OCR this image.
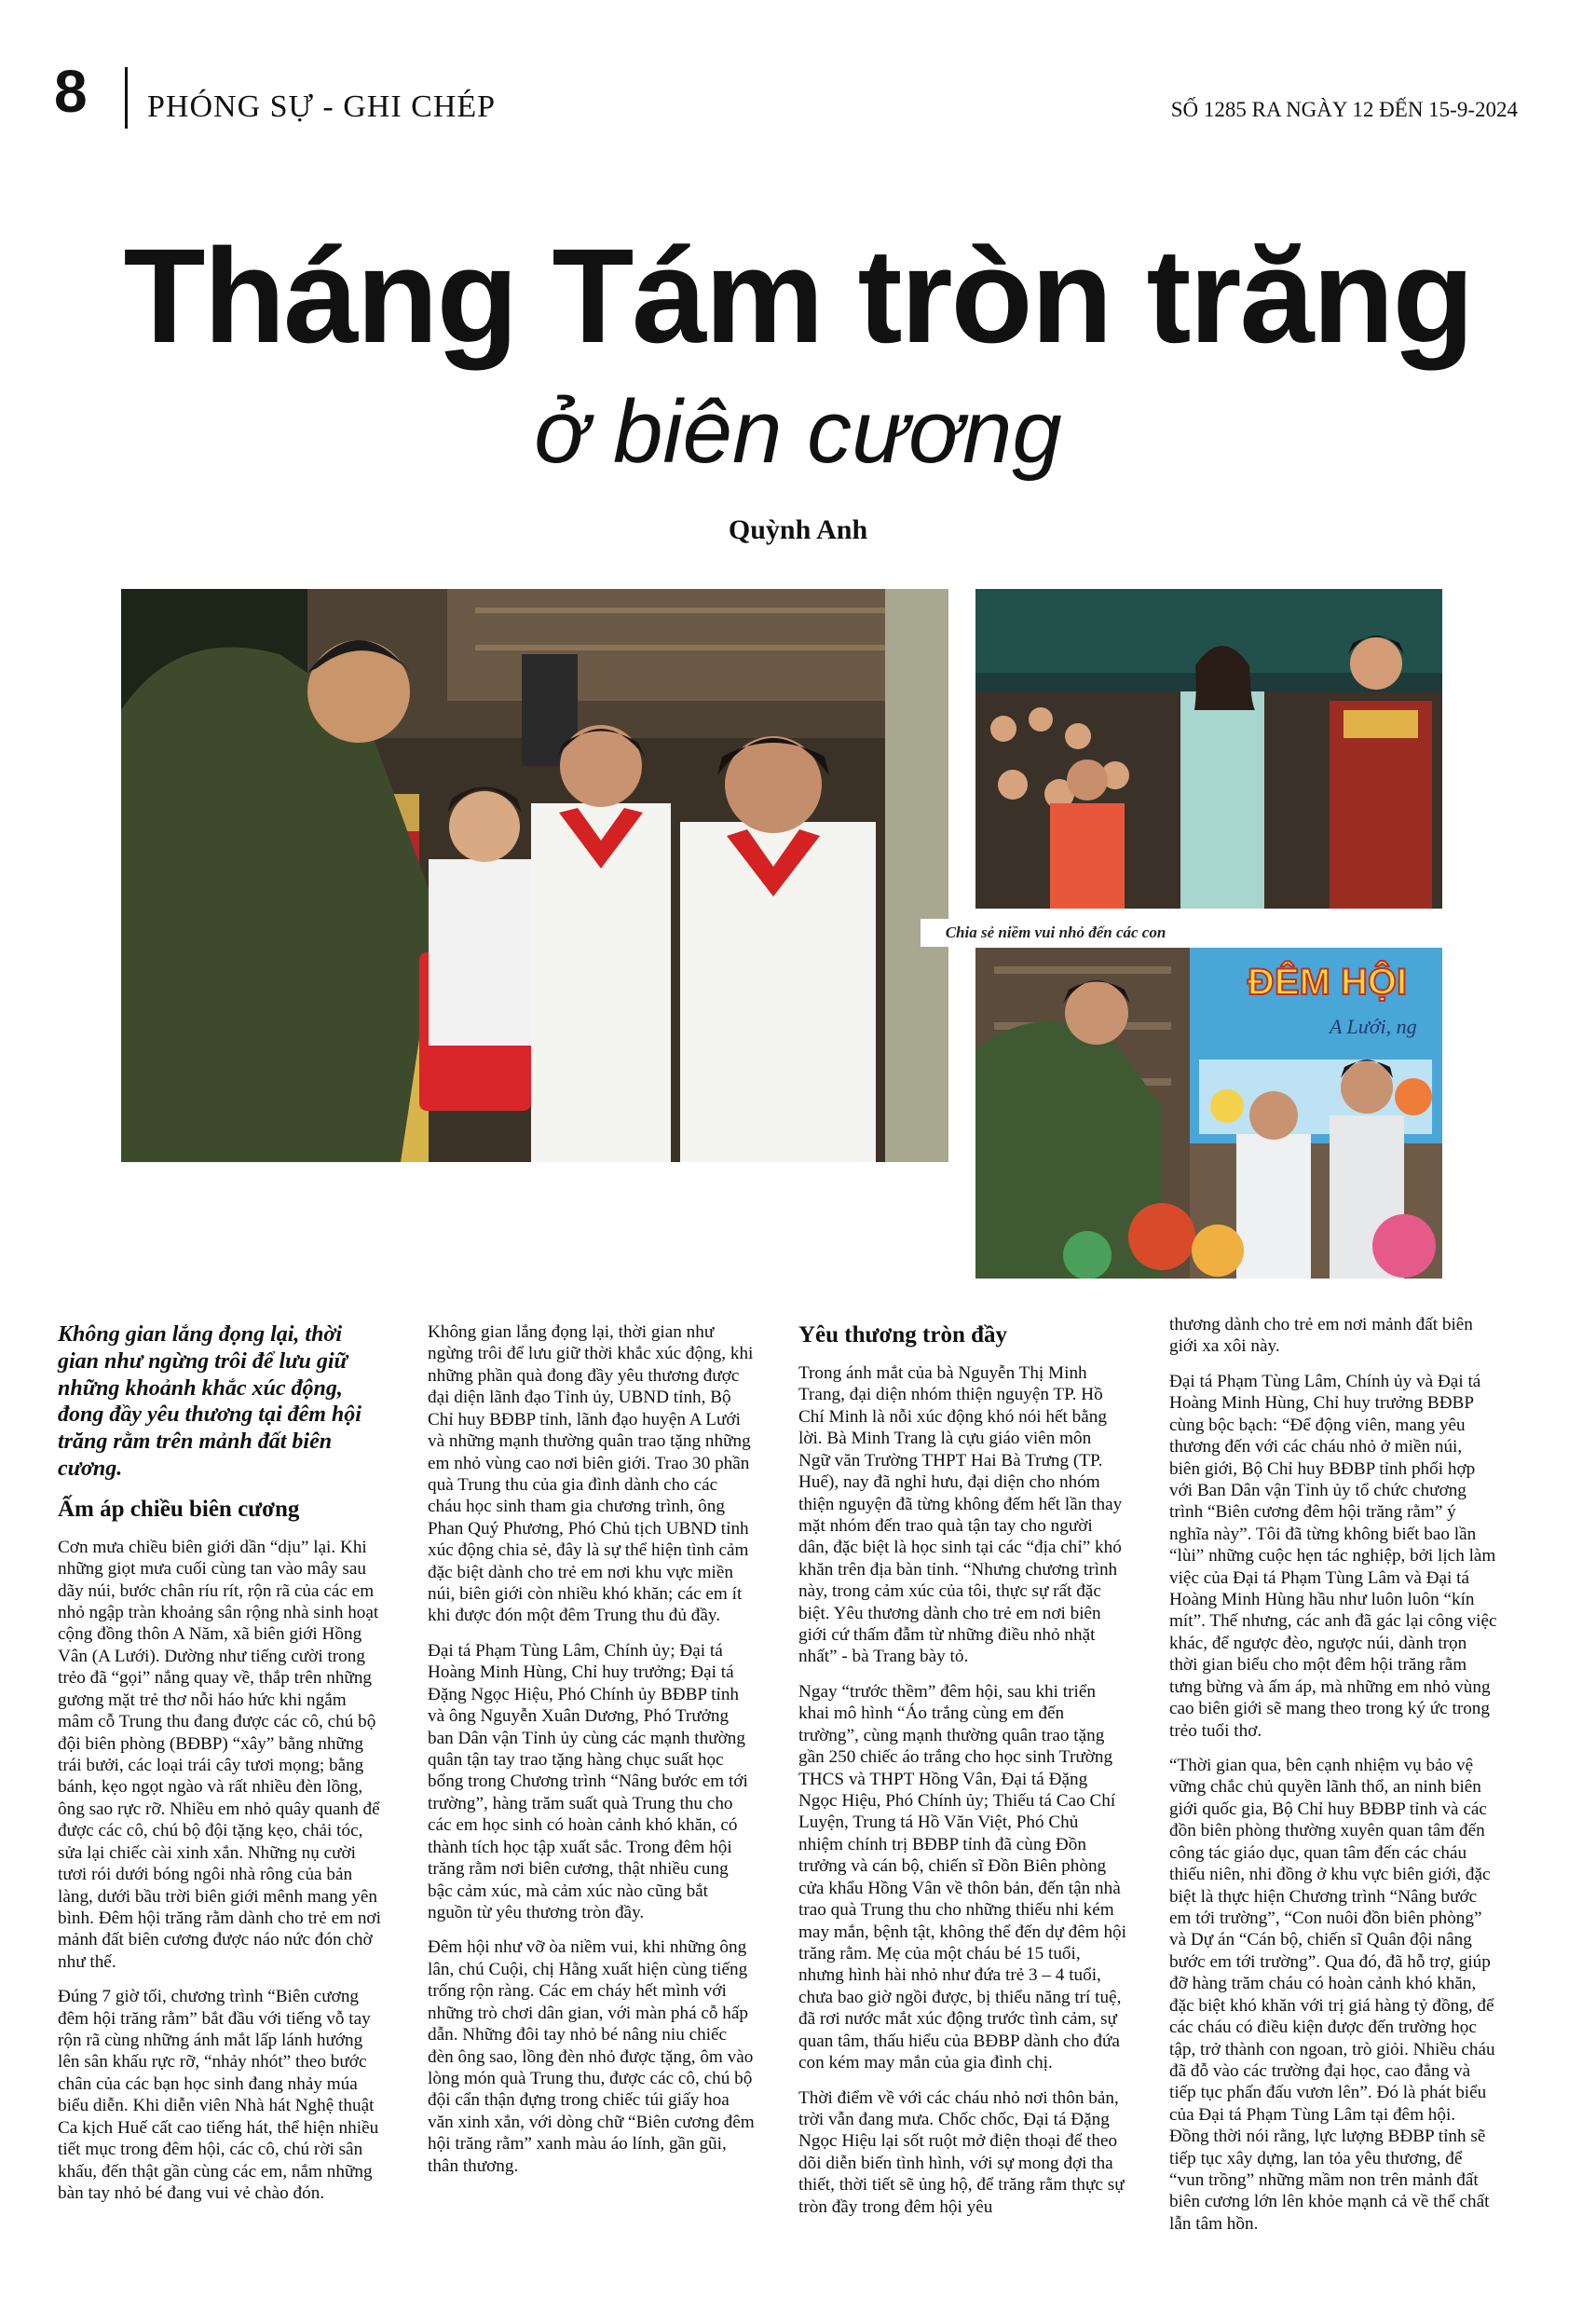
8 PHÓNG SỰ - GHI CHÉP	SỐ 1285 RA NGÀY 12 ĐẾN 15-9-2024
Tháng Tám tròn trăng
ở biên cương
Quỳnh Anh
Chia sẻ niềm vui nhỏ đến các con
ĐÊM HỘI
A Lưới, ng

Không gian lắng đọng lại, thời gian như ngừng trôi để lưu giữ những khoảnh khắc xúc động, đong đầy yêu thương tại đêm hội trăng rằm trên mảnh đất biên cương.

Ấm áp chiều biên cương

Cơn mưa chiều biên giới dần “dịu” lại. Khi những giọt mưa cuối cùng tan vào mây sau dãy núi, bước chân ríu rít, rộn rã của các em nhỏ ngập tràn khoảng sân rộng nhà sinh hoạt cộng đồng thôn A Năm, xã biên giới Hồng Vân (A Lưới). Dường như tiếng cười trong trẻo đã “gọi” nắng quay về, thắp trên những gương mặt trẻ thơ nỗi háo hức khi ngắm mâm cỗ Trung thu đang được các cô, chú bộ đội biên phòng (BĐBP) “xây” bằng những trái bưởi, các loại trái cây tươi mọng; bằng bánh, kẹo ngọt ngào và rất nhiều đèn lồng, ông sao rực rỡ. Nhiều em nhỏ quây quanh để được các cô, chú bộ đội tặng kẹo, chải tóc, sửa lại chiếc cài xinh xắn. Những nụ cười tươi rói dưới bóng ngôi nhà rông của bản làng, dưới bầu trời biên giới mênh mang yên bình. Đêm hội trăng rằm dành cho trẻ em nơi mảnh đất biên cương được náo nức đón chờ như thế.

Đúng 7 giờ tối, chương trình “Biên cương đêm hội trăng rằm” bắt đầu với tiếng vỗ tay rộn rã cùng những ánh mắt lấp lánh hướng lên sân khấu rực rỡ, “nhảy nhót” theo bước chân của các bạn học sinh đang nhảy múa biểu diễn. Khi diễn viên Nhà hát Nghệ thuật Ca kịch Huế cất cao tiếng hát, thể hiện nhiều tiết mục trong đêm hội, các cô, chú rời sân khấu, đến thật gần cùng các em, nắm những bàn tay nhỏ bé đang vui vẻ chào đón.

Không gian lắng đọng lại, thời gian như ngừng trôi để lưu giữ thời khắc xúc động, khi những phần quà đong đầy yêu thương được đại diện lãnh đạo Tỉnh ủy, UBND tỉnh, Bộ Chỉ huy BĐBP tỉnh, lãnh đạo huyện A Lưới và những mạnh thường quân trao tặng những em nhỏ vùng cao nơi biên giới. Trao 30 phần quà Trung thu của gia đình dành cho các cháu học sinh tham gia chương trình, ông Phan Quý Phương, Phó Chủ tịch UBND tỉnh xúc động chia sẻ, đây là sự thể hiện tình cảm đặc biệt dành cho trẻ em nơi khu vực miền núi, biên giới còn nhiều khó khăn; các em ít khi được đón một đêm Trung thu đủ đầy.

Đại tá Phạm Tùng Lâm, Chính ủy; Đại tá Hoàng Minh Hùng, Chỉ huy trưởng; Đại tá Đặng Ngọc Hiệu, Phó Chính ủy BĐBP tỉnh và ông Nguyễn Xuân Dương, Phó Trưởng ban Dân vận Tỉnh ủy cùng các mạnh thường quân tận tay trao tặng hàng chục suất học bổng trong Chương trình “Nâng bước em tới trường”, hàng trăm suất quà Trung thu cho các em học sinh có hoàn cảnh khó khăn, có thành tích học tập xuất sắc. Trong đêm hội trăng rằm nơi biên cương, thật nhiều cung bậc cảm xúc, mà cảm xúc nào cũng bắt nguồn từ yêu thương tròn đầy.

Đêm hội như vỡ òa niềm vui, khi những ông lân, chú Cuội, chị Hằng xuất hiện cùng tiếng trống rộn ràng. Các em cháy hết mình với những trò chơi dân gian, với màn phá cỗ hấp dẫn. Những đôi tay nhỏ bé nâng niu chiếc đèn ông sao, lồng đèn nhỏ được tặng, ôm vào lòng món quà Trung thu, được các cô, chú bộ đội cẩn thận đựng trong chiếc túi giấy hoa văn xinh xắn, với dòng chữ “Biên cương đêm hội trăng rằm” xanh màu áo lính, gần gũi, thân thương.

Yêu thương tròn đầy

Trong ánh mắt của bà Nguyễn Thị Minh Trang, đại diện nhóm thiện nguyện TP. Hồ Chí Minh là nỗi xúc động khó nói hết bằng lời. Bà Minh Trang là cựu giáo viên môn Ngữ văn Trường THPT Hai Bà Trưng (TP. Huế), nay đã nghỉ hưu, đại diện cho nhóm thiện nguyện đã từng không đếm hết lần thay mặt nhóm đến trao quà tận tay cho người dân, đặc biệt là học sinh tại các “địa chỉ” khó khăn trên địa bàn tỉnh. “Nhưng chương trình này, trong cảm xúc của tôi, thực sự rất đặc biệt. Yêu thương dành cho trẻ em nơi biên giới cứ thấm đẫm từ những điều nhỏ nhặt nhất” - bà Trang bày tỏ.

Ngay “trước thềm” đêm hội, sau khi triển khai mô hình “Áo trắng cùng em đến trường”, cùng mạnh thường quân trao tặng gần 250 chiếc áo trắng cho học sinh Trường THCS và THPT Hồng Vân, Đại tá Đặng Ngọc Hiệu, Phó Chính ủy; Thiếu tá Cao Chí Luyện, Trung tá Hồ Văn Việt, Phó Chủ nhiệm chính trị BĐBP tỉnh đã cùng Đồn trưởng và cán bộ, chiến sĩ Đồn Biên phòng cửa khẩu Hồng Vân về thôn bản, đến tận nhà trao quà Trung thu cho những thiếu nhi kém may mắn, bệnh tật, không thể đến dự đêm hội trăng rằm. Mẹ của một cháu bé 15 tuổi, nhưng hình hài nhỏ như đứa trẻ 3 – 4 tuổi, chưa bao giờ ngồi được, bị thiểu năng trí tuệ, đã rơi nước mắt xúc động trước tình cảm, sự quan tâm, thấu hiểu của BĐBP dành cho đứa con kém may mắn của gia đình chị.

Thời điểm về với các cháu nhỏ nơi thôn bản, trời vẫn đang mưa. Chốc chốc, Đại tá Đặng Ngọc Hiệu lại sốt ruột mở điện thoại để theo dõi diễn biến tình hình, với sự mong đợi tha thiết, thời tiết sẽ ủng hộ, để trăng rằm thực sự tròn đầy trong đêm hội yêu

thương dành cho trẻ em nơi mảnh đất biên giới xa xôi này.

Đại tá Phạm Tùng Lâm, Chính ủy và Đại tá Hoàng Minh Hùng, Chỉ huy trưởng BĐBP cùng bộc bạch: “Để động viên, mang yêu thương đến với các cháu nhỏ ở miền núi, biên giới, Bộ Chỉ huy BĐBP tỉnh phối hợp với Ban Dân vận Tỉnh ủy tổ chức chương trình “Biên cương đêm hội trăng rằm” ý nghĩa này”. Tôi đã từng không biết bao lần “lùi” những cuộc hẹn tác nghiệp, bởi lịch làm việc của Đại tá Phạm Tùng Lâm và Đại tá Hoàng Minh Hùng hầu như luôn luôn “kín mít”. Thế nhưng, các anh đã gác lại công việc khác, để ngược đèo, ngược núi, dành trọn thời gian biểu cho một đêm hội trăng rằm tưng bừng và ấm áp, mà những em nhỏ vùng cao biên giới sẽ mang theo trong ký ức trong trẻo tuổi thơ.

“Thời gian qua, bên cạnh nhiệm vụ bảo vệ vững chắc chủ quyền lãnh thổ, an ninh biên giới quốc gia, Bộ Chỉ huy BĐBP tỉnh và các đồn biên phòng thường xuyên quan tâm đến công tác giáo dục, quan tâm đến các cháu thiếu niên, nhi đồng ở khu vực biên giới, đặc biệt là thực hiện Chương trình “Nâng bước em tới trường”, “Con nuôi đồn biên phòng” và Dự án “Cán bộ, chiến sĩ Quân đội nâng bước em tới trường”. Qua đó, đã hỗ trợ, giúp đỡ hàng trăm cháu có hoàn cảnh khó khăn, đặc biệt khó khăn với trị giá hàng tỷ đồng, để các cháu có điều kiện được đến trường học tập, trở thành con ngoan, trò giỏi. Nhiều cháu đã đỗ vào các trường đại học, cao đẳng và tiếp tục phấn đấu vươn lên”. Đó là phát biểu của Đại tá Phạm Tùng Lâm tại đêm hội. Đồng thời nói rằng, lực lượng BĐBP tỉnh sẽ tiếp tục xây dựng, lan tỏa yêu thương, để “vun trồng” những mầm non trên mảnh đất biên cương lớn lên khỏe mạnh cả về thể chất lẫn tâm hồn.
